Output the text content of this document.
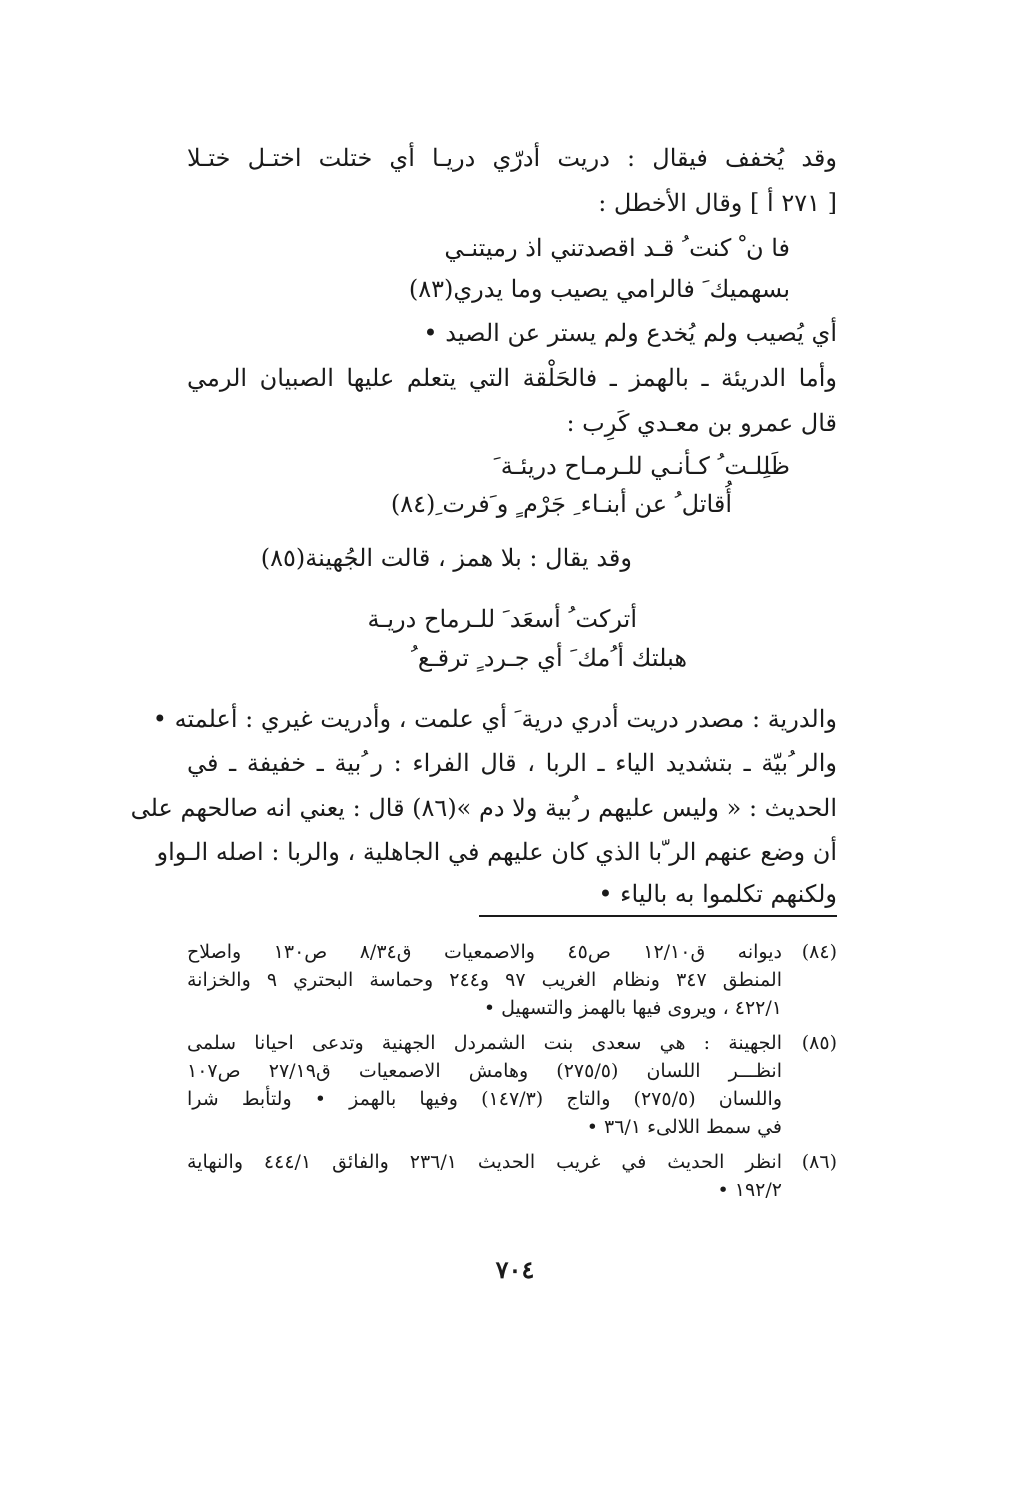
وقد يُخفف فيقال : دريت أدرّي دريـا أي ختلت اختـل ختـلا
[ ٢٧١ أ ] وقال الأخطل :
فا ن ْ كنت ُ قـد اقصدتني اذ رميتنـي
بسهميك َ فالرامي يصيب وما يدري(٨٣)
أي يُصيب ولم يُخدع ولم يستر عن الصيد •
وأما الدريئة ـ بالهمز ـ فالحَلْقة التي يتعلم عليها الصبيان الرمي
قال عمرو بن معـدي كَرِب :
ظَلِلـت ُ كـأنـي للـرمـاح دريئـة َ
أُقاتل ُ عن أبنـاء ِ جَرْم ٍ و َفرت ِ(٨٤)
وقد يقال : بلا همز ، قالت الجُهينة(٨٥)
أتركت ُ أسعَد َ للـرماح دريـة
هبلتك أ ُمك َ أي جـرد ٍ ترقـع ُ
والدرية : مصدر دريت أدري درية َ أي علمت ، وأدريت غيري : أعلمته •
والر ُبيّة ـ بتشديد الياء ـ الربا ، قال الفراء : ر ُبية ـ خفيفة ـ في
الحديث : « وليس عليهم ر ُبية ولا دم »(٨٦) قال : يعني انه صالحهم على
أن وضع عنهم الر ّبا الذي كان عليهم في الجاهلية ، والربا : اصله الـواو
ولكنهم تكلموا به بالياء •
(٨٤)
ديوانه ق١٢/١٠ ص٤٥ والاصمعيات ق٨/٣٤ ص١٣٠ واصلاح
المنطق ٣٤٧ ونظام الغريب ٩٧ و٢٤٤ وحماسة البحتري ٩ والخزانة
٤٢٢/١ ، ويروى فيها بالهمز والتسهيل •
(٨٥)
الجهينة : هي سعدى بنت الشمردل الجهنية وتدعى احيانا سلمى
انظـــر اللسان (٢٧٥/٥) وهامش الاصمعيات ق٢٧/١٩ ص١٠٧
واللسان (٢٧٥/٥) والتاج (١٤٧/٣) وفيها بالهمز • ولتأبط شرا
في سمط اللالىء ٣٦/١ •
(٨٦)
انظر الحديث في غريب الحديث ٢٣٦/١ والفائق ٤٤٤/١ والنهاية
١٩٢/٢ •
٧٠٤
